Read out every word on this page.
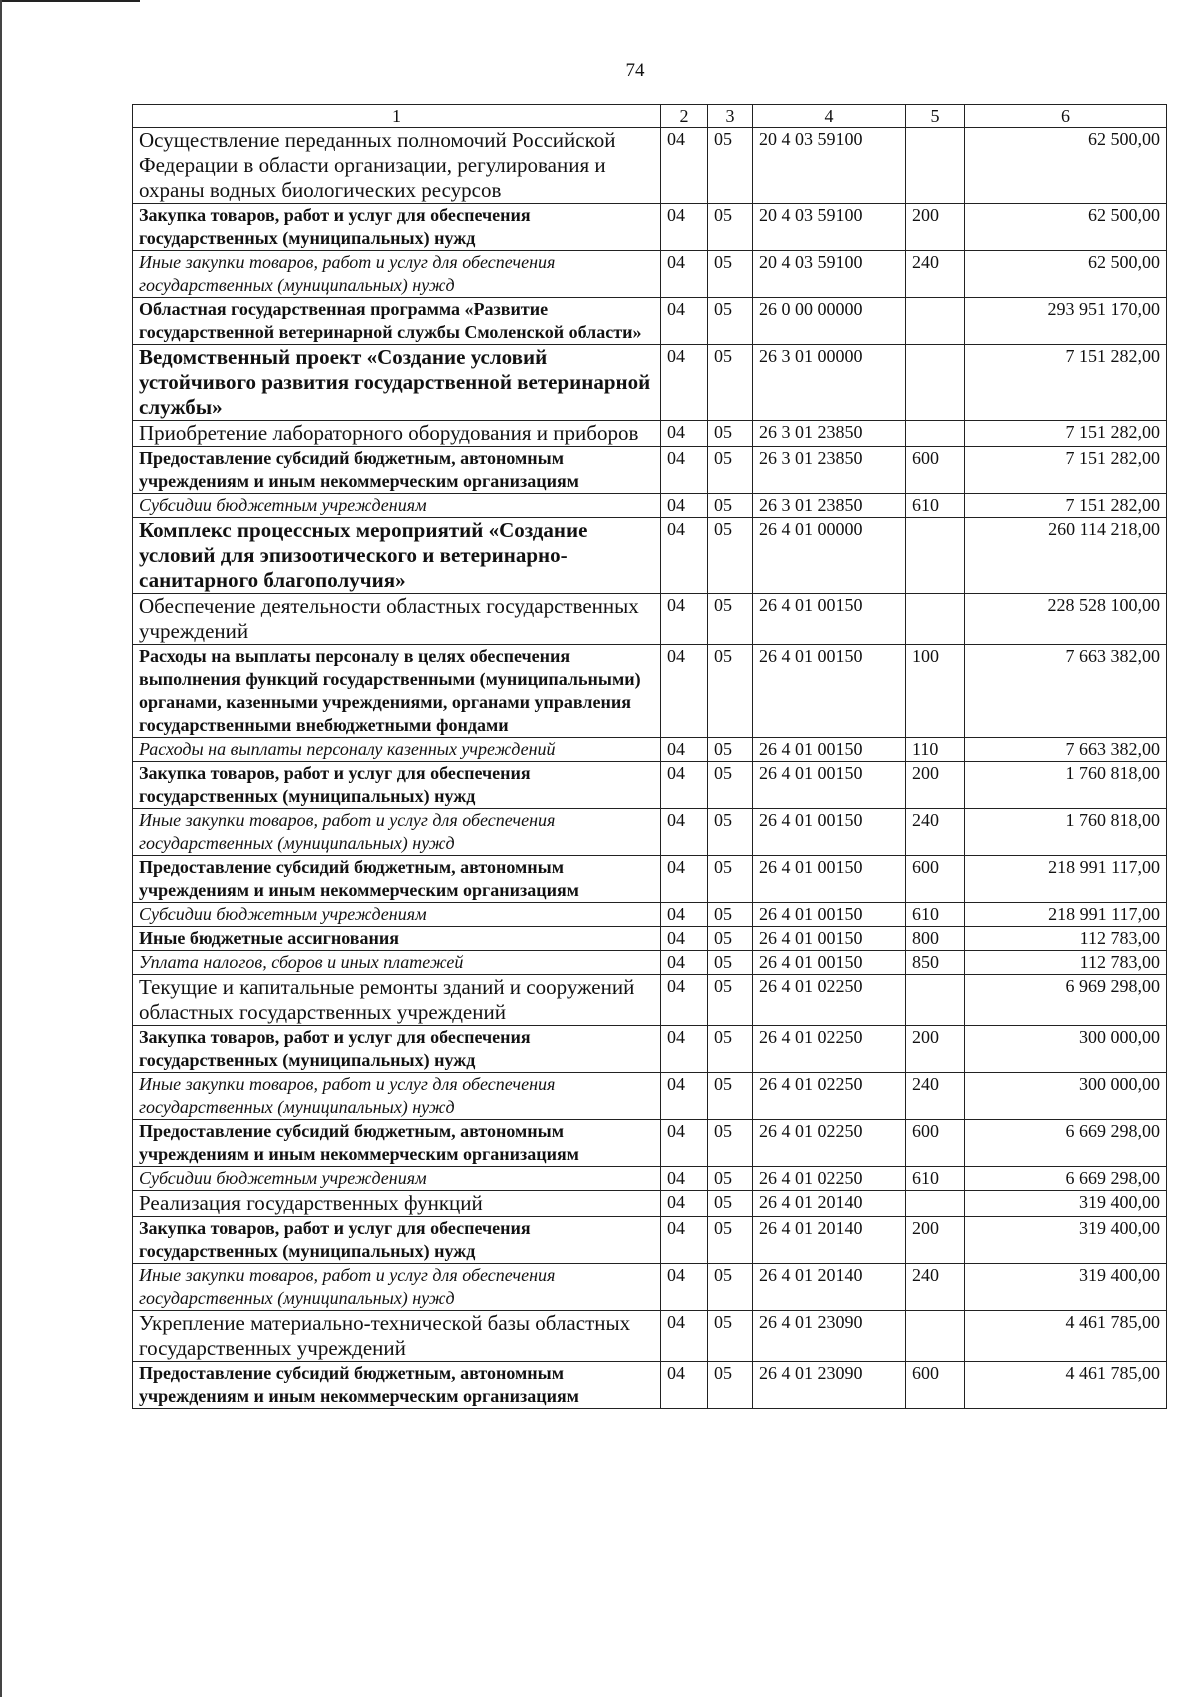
74
1	2	3	4	5	6
Осуществление переданных полномочий Российской Федерации в области организации, регулирования и охраны водных биологических ресурсов	04	05	20 4 03 59100		62 500,00
Закупка товаров, работ и услуг для обеспечения государственных (муниципальных) нужд	04	05	20 4 03 59100	200	62 500,00
Иные закупки товаров, работ и услуг для обеспечения государственных (муниципальных) нужд	04	05	20 4 03 59100	240	62 500,00
Областная государственная программа «Развитие государственной ветеринарной службы Смоленской области»	04	05	26 0 00 00000		293 951 170,00
Ведомственный проект «Создание условий устойчивого развития государственной ветеринарной службы»	04	05	26 3 01 00000		7 151 282,00
Приобретение лабораторного оборудования и приборов	04	05	26 3 01 23850		7 151 282,00
Предоставление субсидий бюджетным, автономным учреждениям и иным некоммерческим организациям	04	05	26 3 01 23850	600	7 151 282,00
Субсидии бюджетным учреждениям	04	05	26 3 01 23850	610	7 151 282,00
Комплекс процессных мероприятий «Создание условий для эпизоотического и ветеринарно-санитарного благополучия»	04	05	26 4 01 00000		260 114 218,00
Обеспечение деятельности областных государственных учреждений	04	05	26 4 01 00150		228 528 100,00
Расходы на выплаты персоналу в целях обеспечения выполнения функций государственными (муниципальными) органами, казенными учреждениями, органами управления государственными внебюджетными фондами	04	05	26 4 01 00150	100	7 663 382,00
Расходы на выплаты персоналу казенных учреждений	04	05	26 4 01 00150	110	7 663 382,00
Закупка товаров, работ и услуг для обеспечения государственных (муниципальных) нужд	04	05	26 4 01 00150	200	1 760 818,00
Иные закупки товаров, работ и услуг для обеспечения государственных (муниципальных) нужд	04	05	26 4 01 00150	240	1 760 818,00
Предоставление субсидий бюджетным, автономным учреждениям и иным некоммерческим организациям	04	05	26 4 01 00150	600	218 991 117,00
Субсидии бюджетным учреждениям	04	05	26 4 01 00150	610	218 991 117,00
Иные бюджетные ассигнования	04	05	26 4 01 00150	800	112 783,00
Уплата налогов, сборов и иных платежей	04	05	26 4 01 00150	850	112 783,00
Текущие и капитальные ремонты зданий и сооружений областных государственных учреждений	04	05	26 4 01 02250		6 969 298,00
Закупка товаров, работ и услуг для обеспечения государственных (муниципальных) нужд	04	05	26 4 01 02250	200	300 000,00
Иные закупки товаров, работ и услуг для обеспечения государственных (муниципальных) нужд	04	05	26 4 01 02250	240	300 000,00
Предоставление субсидий бюджетным, автономным учреждениям и иным некоммерческим организациям	04	05	26 4 01 02250	600	6 669 298,00
Субсидии бюджетным учреждениям	04	05	26 4 01 02250	610	6 669 298,00
Реализация государственных функций	04	05	26 4 01 20140		319 400,00
Закупка товаров, работ и услуг для обеспечения государственных (муниципальных) нужд	04	05	26 4 01 20140	200	319 400,00
Иные закупки товаров, работ и услуг для обеспечения государственных (муниципальных) нужд	04	05	26 4 01 20140	240	319 400,00
Укрепление материально-технической базы областных государственных учреждений	04	05	26 4 01 23090		4 461 785,00
Предоставление субсидий бюджетным, автономным учреждениям и иным некоммерческим организациям	04	05	26 4 01 23090	600	4 461 785,00
